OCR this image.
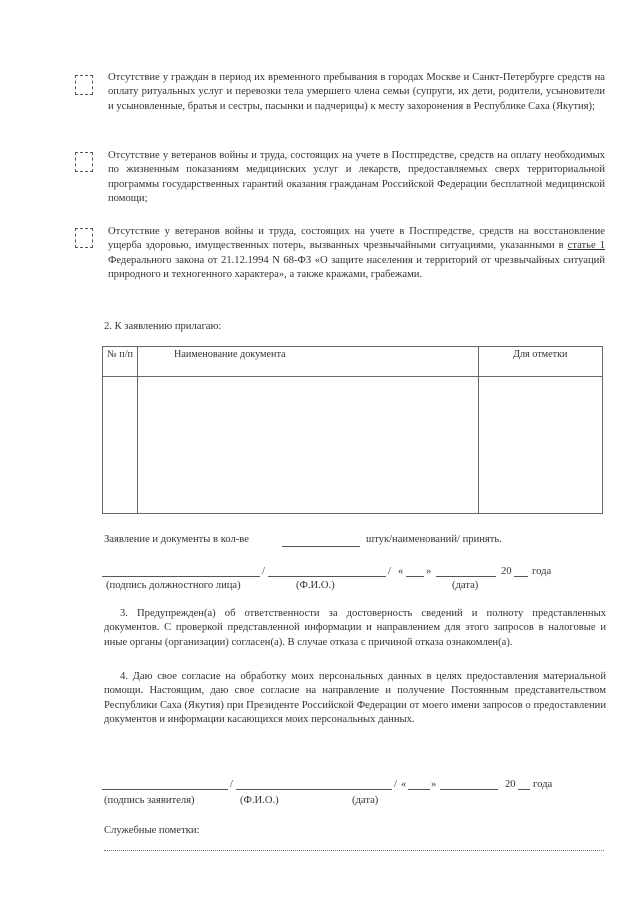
Отсутствие у граждан в период их временного пребывания в городах Москве и Санкт-Петербурге средств на оплату ритуальных услуг и перевозки тела умершего члена семьи (супруги, их дети, родители, усыновители и усыновленные, братья и сестры, пасынки и падчерицы) к месту захоронения в Республике Саха (Якутия);
Отсутствие у ветеранов войны и труда, состоящих на учете в Постпредстве, средств на оплату необходимых по жизненным показаниям медицинских услуг и лекарств, предоставляемых сверх территориальной программы государственных гарантий оказания гражданам Российской Федерации бесплатной медицинской помощи;
Отсутствие у ветеранов войны и труда, состоящих на учете в Постпредстве, средств на восстановление ущерба здоровью, имущественных потерь, вызванных чрезвычайными ситуациями, указанными в статье 1 Федерального закона от 21.12.1994 N 68-ФЗ «О защите населения и территорий от чрезвычайных ситуаций природного и техногенного характера», а также кражами, грабежами.
2. К заявлению прилагаю:
№ п/п	Наименование документа	Для отметки

Заявление и документы в кол-ве	штук/наименований/ принять.
/	/ « »	20 года
(подпись должностного лица)	(Ф.И.О.)	(дата)
3. Предупрежден(а) об ответственности за достоверность сведений и полноту представленных документов. С проверкой представленной информации и направлением для этого запросов в налоговые и иные органы (организации) согласен(а). В случае отказа с причиной отказа ознакомлен(а).
4. Даю свое согласие на обработку моих персональных данных в целях предоставления материальной помощи. Настоящим, даю свое согласие на направление и получение Постоянным представительством Республики Саха (Якутия) при Президенте Российской Федерации от моего имени запросов о предоставлении документов и информации касающихся моих персональных данных.
/	/ « »	20 года
(подпись заявителя)	(Ф.И.О.)	(дата)
Служебные пометки:
